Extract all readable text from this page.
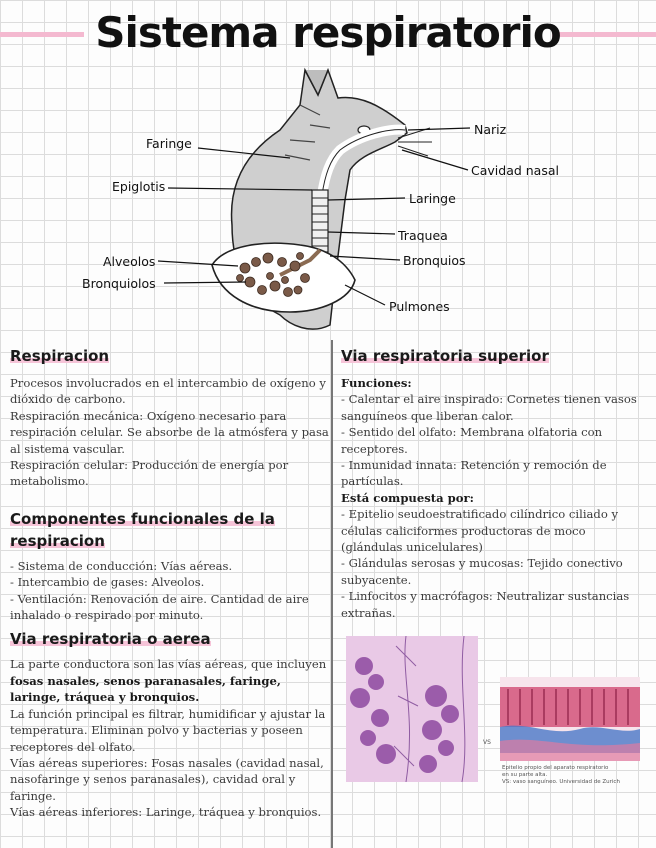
Sistema respiratorio
Faringe
Epiglotis
Alveolos
Bronquiolos
Nariz
Cavidad nasal
Laringe
Traquea
Bronquios
Pulmones
Respiracion

Procesos involucrados en el intercambio de oxígeno y dióxido de carbono.

Respiración mecánica: Oxígeno necesario para respiración celular. Se absorbe de la atmósfera y pasa al sistema vascular.

Respiración celular: Producción de energía por metabolismo.

Componentes funcionales de la
respiracion

- Sistema de conducción: Vías aéreas.

- Intercambio de gases: Alveolos.

- Ventilación: Renovación de aire. Cantidad de aire inhalado o respirado por minuto.

Via respiratoria o aerea

La parte conductora son las vías aéreas, que incluyen fosas nasales, senos paranasales, faringe, laringe, tráquea y bronquios.

La función principal es filtrar, humidificar y ajustar la temperatura. Eliminan polvo y bacterias y poseen receptores del olfato.

Vías aéreas superiores: Fosas nasales (cavidad nasal, nasofaringe y senos paranasales), cavidad oral y faringe.

Vías aéreas inferiores: Laringe, tráquea y bronquios.

Via respiratoria superior

Funciones:

- Calentar el aire inspirado: Cornetes tienen vasos sanguíneos que liberan calor.

- Sentido del olfato: Membrana olfatoria con receptores.

- Inmunidad innata: Retención y remoción de partículas.

Está compuesta por:

- Epitelio seudoestratificado cilíndrico ciliado y células caliciformes productoras de moco (glándulas unicelulares)

- Glándulas serosas y mucosas: Tejido conectivo subyacente.

- Linfocitos y macrófagos: Neutralizar sustancias extrañas.

VS
Epitelio propio del aparato respiratorio
en su parte alta.
VS: vaso sanguíneo. Universidad de Zurich
